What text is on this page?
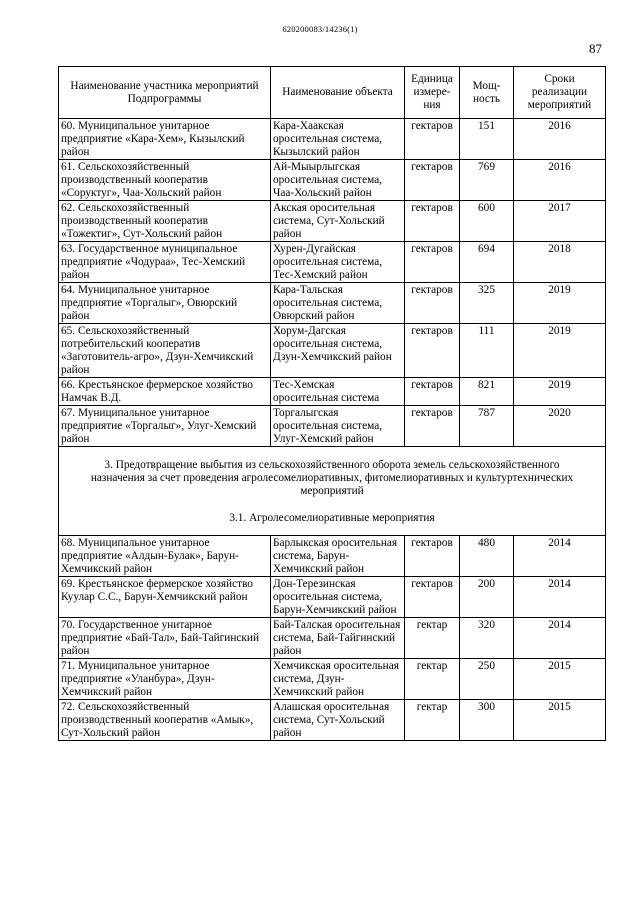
620200083/14236(1)
87
Наименование участника мероприятий Подпрограммы	Наименование объекта	Единица измере-ния	Мощ-ность	Сроки реализации мероприятий
60. Муниципальное унитарное предприятие «Кара-Хем», Кызылский район	Кара-Хаакская оросительная система, Кызылский район	гектаров	151	2016
61. Сельскохозяйственный производственный кооператив «Соруктуг», Чаа-Хольский район	Ай-Мыырлыгская оросительная система, Чаа-Хольский район	гектаров	769	2016
62. Сельскохозяйственный производственный кооператив «Тожектиг», Сут-Хольский район	Акская оросительная система, Сут-Хольский район	гектаров	600	2017
63. Государственное муниципальное предприятие «Чодураа», Тес-Хемский район	Хурен-Дугайская оросительная система, Тес-Хемский район	гектаров	694	2018
64. Муниципальное унитарное предприятие «Торгалыг», Овюрский район	Кара-Тальская оросительная система, Овюрский район	гектаров	325	2019
65. Сельскохозяйственный потребительский кооператив «Заготовитель-агро», Дзун-Хемчикский район	Хорум-Дагская оросительная система, Дзун-Хемчикский район	гектаров	111	2019
66. Крестьянское фермерское хозяйство Намчак В.Д.	Тес-Хемская оросительная система	гектаров	821	2019
67. Муниципальное унитарное предприятие «Торгалыг», Улуг-Хемский район	Торгалыгская оросительная система, Улуг-Хемский район	гектаров	787	2020

3. Предотвращение выбытия из сельскохозяйственного оборота земель сельскохозяйственного назначения за счет проведения агролесомелиоративных, фитомелиоративных и культуртехнических мероприятий
3.1. Агролесомелиоративные мероприятия				

68. Муниципальное унитарное предприятие «Алдын-Булак», Барун-Хемчикский район	Барлыкская оросительная система, Барун-Хемчикский район	гектаров	480	2014
69. Крестьянское фермерское хозяйство Куулар С.С., Барун-Хемчикский район	Дон-Терезинская оросительная система, Барун-Хемчикский район	гектаров	200	2014
70. Государственное унитарное предприятие «Бай-Тал», Бай-Тайгинский район	Бай-Талская оросительная система, Бай-Тайгинский район	гектар	320	2014
71. Муниципальное унитарное предприятие «Уланбура», Дзун-Хемчикский район	Хемчикская оросительная система, Дзун-Хемчикский район	гектар	250	2015
72. Сельскохозяйственный производственный кооператив «Амык», Сут-Хольский район	Алашская оросительная система, Сут-Хольский район	гектар	300	2015
